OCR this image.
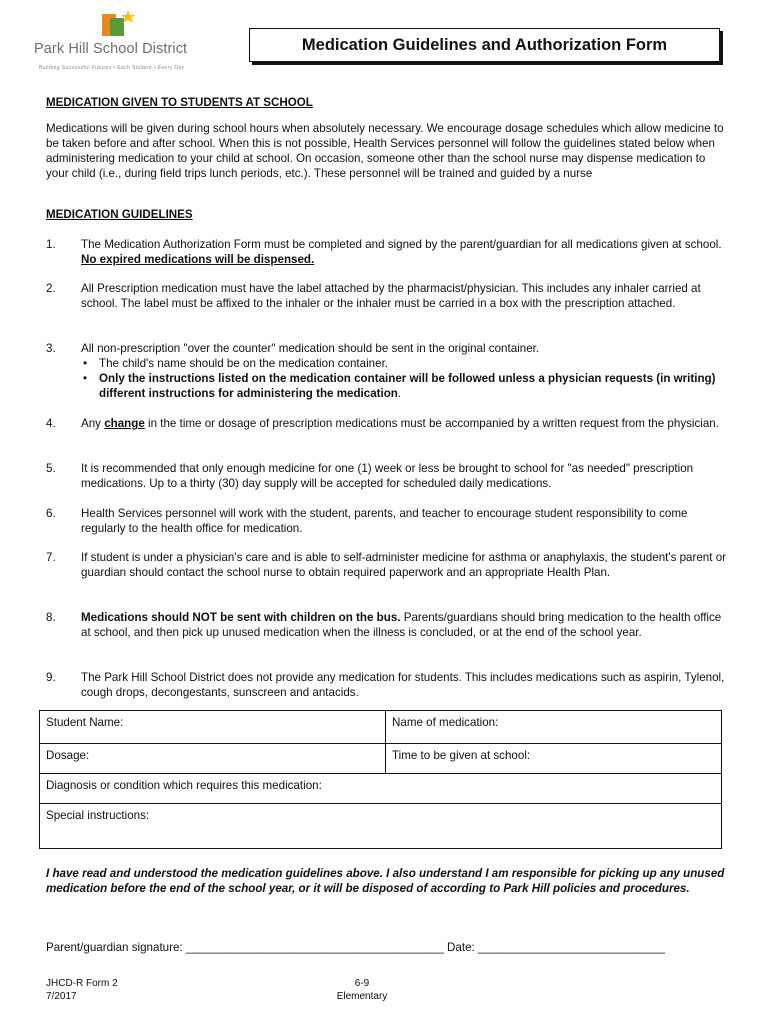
Park Hill School District
Building Successful Futures • Each Student • Every Day
Medication Guidelines and Authorization Form
MEDICATION GIVEN TO STUDENTS AT SCHOOL
Medications will be given during school hours when absolutely necessary. We encourage dosage schedules which allow medicine to be taken before and after school. When this is not possible, Health Services personnel will follow the guidelines stated below when administering medication to your child at school. On occasion, someone other than the school nurse may dispense medication to your child (i.e., during field trips lunch periods, etc.). These personnel will be trained and guided by a nurse
MEDICATION GUIDELINES
1. The Medication Authorization Form must be completed and signed by the parent/guardian for all medications given at school. No expired medications will be dispensed.
2. All Prescription medication must have the label attached by the pharmacist/physician. This includes any inhaler carried at school. The label must be affixed to the inhaler or the inhaler must be carried in a box with the prescription attached.
3. All non-prescription "over the counter" medication should be sent in the original container.
• The child's name should be on the medication container.
• Only the instructions listed on the medication container will be followed unless a physician requests (in writing) different instructions for administering the medication.
4. Any change in the time or dosage of prescription medications must be accompanied by a written request from the physician.
5. It is recommended that only enough medicine for one (1) week or less be brought to school for "as needed" prescription medications. Up to a thirty (30) day supply will be accepted for scheduled daily medications.
6. Health Services personnel will work with the student, parents, and teacher to encourage student responsibility to come regularly to the health office for medication.
7. If student is under a physician's care and is able to self-administer medicine for asthma or anaphylaxis, the student's parent or guardian should contact the school nurse to obtain required paperwork and an appropriate Health Plan.
8. Medications should NOT be sent with children on the bus. Parents/guardians should bring medication to the health office at school, and then pick up unused medication when the illness is concluded, or at the end of the school year.
9. The Park Hill School District does not provide any medication for students. This includes medications such as aspirin, Tylenol, cough drops, decongestants, sunscreen and antacids.
Student Name:	Name of medication:
Dosage:	Time to be given at school:
Diagnosis or condition which requires this medication:	
Special instructions:	
I have read and understood the medication guidelines above. I also understand I am responsible for picking up any unused medication before the end of the school year, or it will be disposed of according to Park Hill policies and procedures.
Parent/guardian signature: ________________________________________ Date: _____________________________
JHCD-R Form 2
7/2017
6-9
Elementary
